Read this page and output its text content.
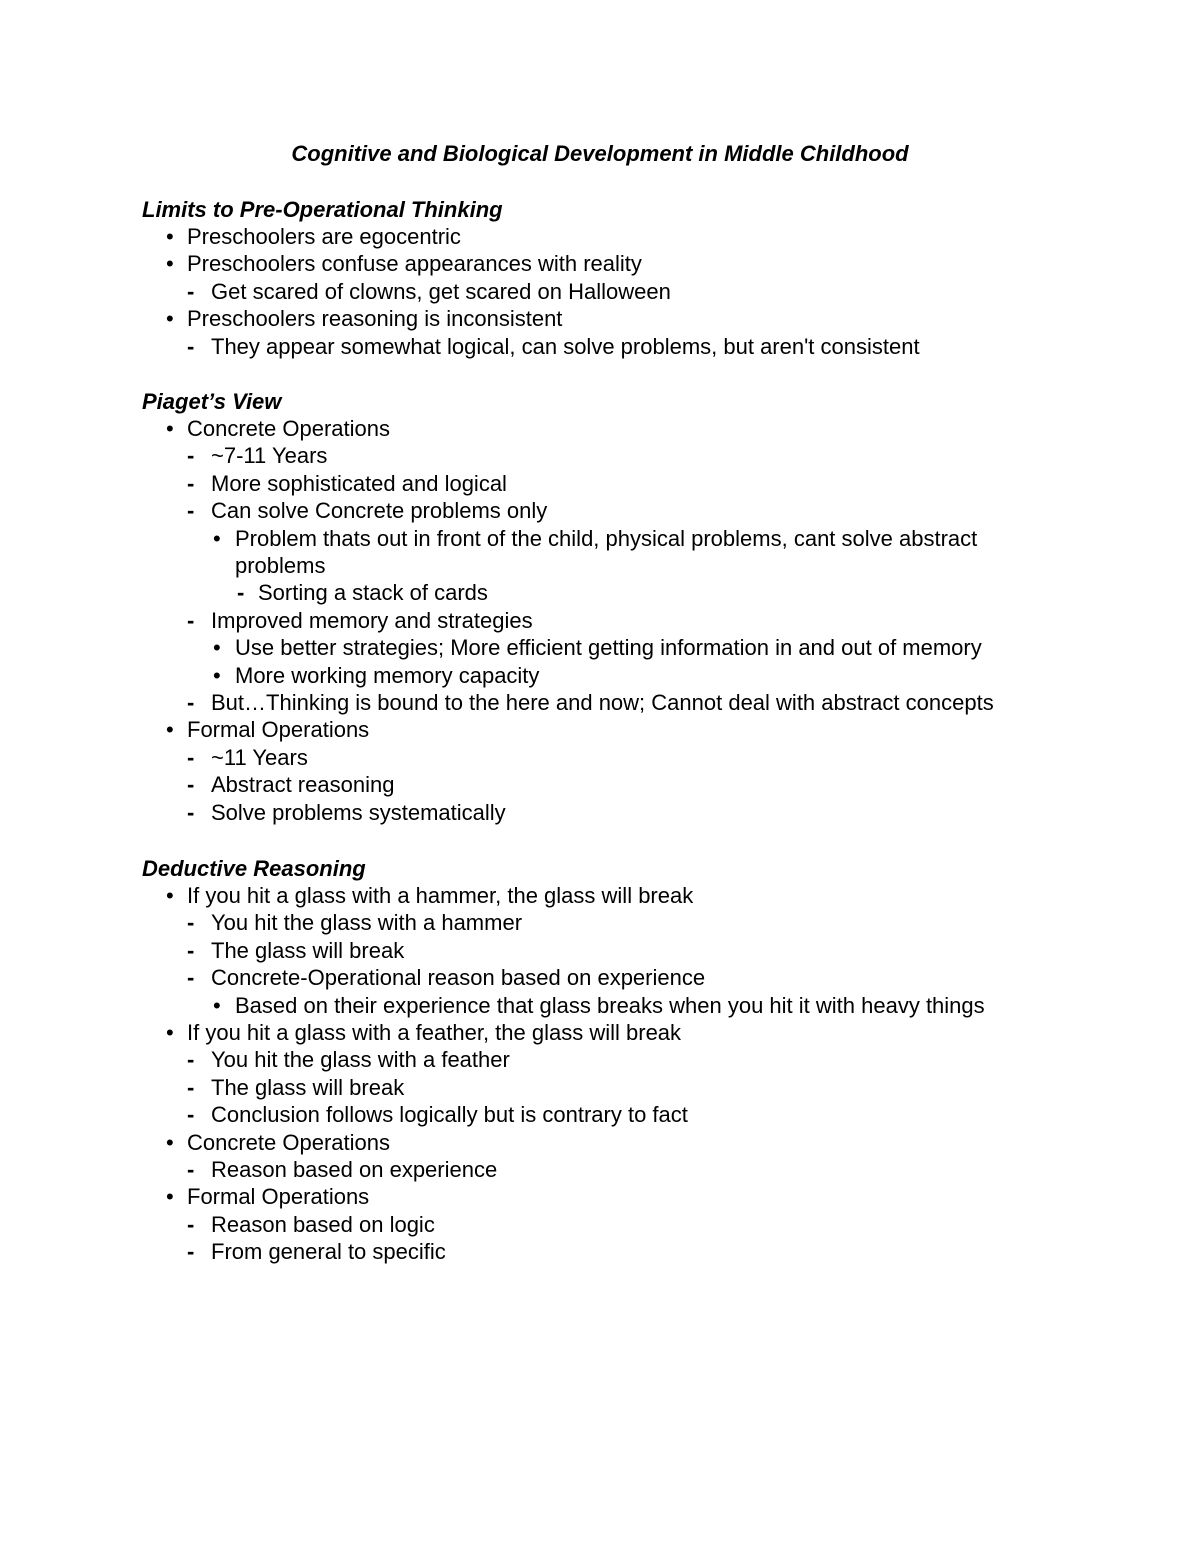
Cognitive and Biological Development in Middle Childhood
Limits to Pre-Operational Thinking
•
Preschoolers are egocentric
•
Preschoolers confuse appearances with reality
-
Get scared of clowns, get scared on Halloween
•
Preschoolers reasoning is inconsistent
-
They appear somewhat logical, can solve problems, but aren't consistent
Piaget’s View
•
Concrete Operations
-
~7-11 Years
-
More sophisticated and logical
-
Can solve Concrete problems only
•
Problem thats out in front of the child, physical problems, cant solve abstract
problems
-
Sorting a stack of cards
-
Improved memory and strategies
•
Use better strategies; More efficient getting information in and out of memory
•
More working memory capacity
-
But…Thinking is bound to the here and now; Cannot deal with abstract concepts
•
Formal Operations
-
~11 Years
-
Abstract reasoning
-
Solve problems systematically
Deductive Reasoning
•
If you hit a glass with a hammer, the glass will break
-
You hit the glass with a hammer
-
The glass will break
-
Concrete-Operational reason based on experience
•
Based on their experience that glass breaks when you hit it with heavy things
•
If you hit a glass with a feather, the glass will break
-
You hit the glass with a feather
-
The glass will break
-
Conclusion follows logically but is contrary to fact
•
Concrete Operations
-
Reason based on experience
•
Formal Operations
-
Reason based on logic
-
From general to specific
